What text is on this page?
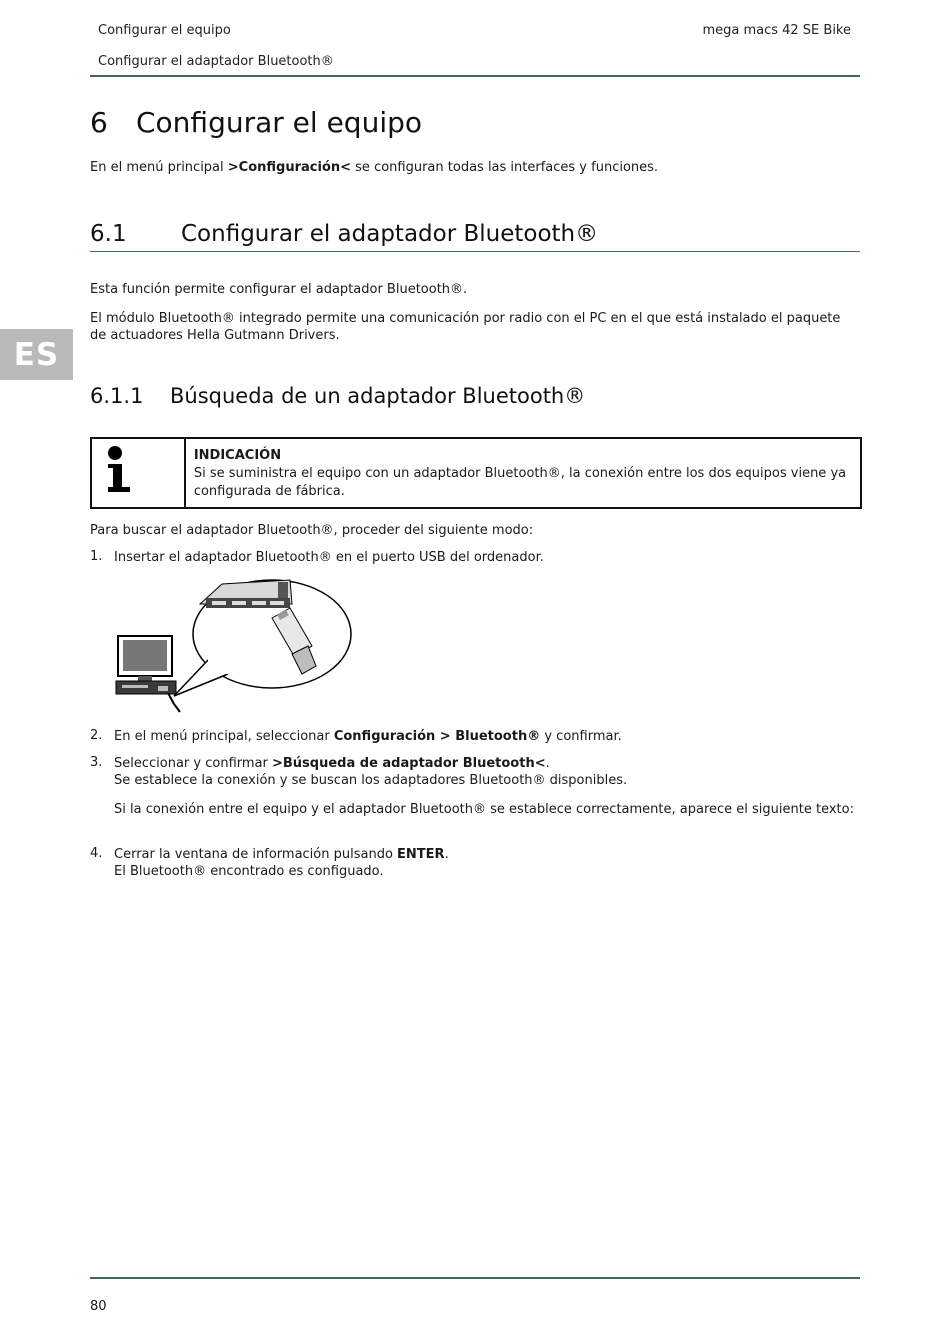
Configurar el equipo
Configurar el adaptador Bluetooth®
mega macs 42 SE Bike
ES
6 Configurar el equipo

En el menú principal >Configuración< se configuran todas las interfaces y funciones.

6.1 Configurar el adaptador Bluetooth®

Esta función permite configurar el adaptador Bluetooth®.

El módulo Bluetooth® integrado permite una comunicación por radio con el PC en el que está instalado el paquete de actuadores Hella Gutmann Drivers.

6.1.1 Búsqueda de un adaptador Bluetooth®
INDICACIÓN
Si se suministra el equipo con un adaptador Bluetooth®, la conexión entre los dos equipos viene ya configurada de fábrica.

Para buscar el adaptador Bluetooth®, proceder del siguiente modo:

1. Insertar el adaptador Bluetooth® en el puerto USB del ordenador.
2. En el menú principal, seleccionar Configuración > Bluetooth® y confirmar.
3. Seleccionar y confirmar >Búsqueda de adaptador Bluetooth<.
Se establece la conexión y se buscan los adaptadores Bluetooth® disponibles.

Si la conexión entre el equipo y el adaptador Bluetooth® se establece correctamente, aparece el siguiente texto:

4. Cerrar la ventana de información pulsando ENTER.
El Bluetooth® encontrado es configuado.
80
